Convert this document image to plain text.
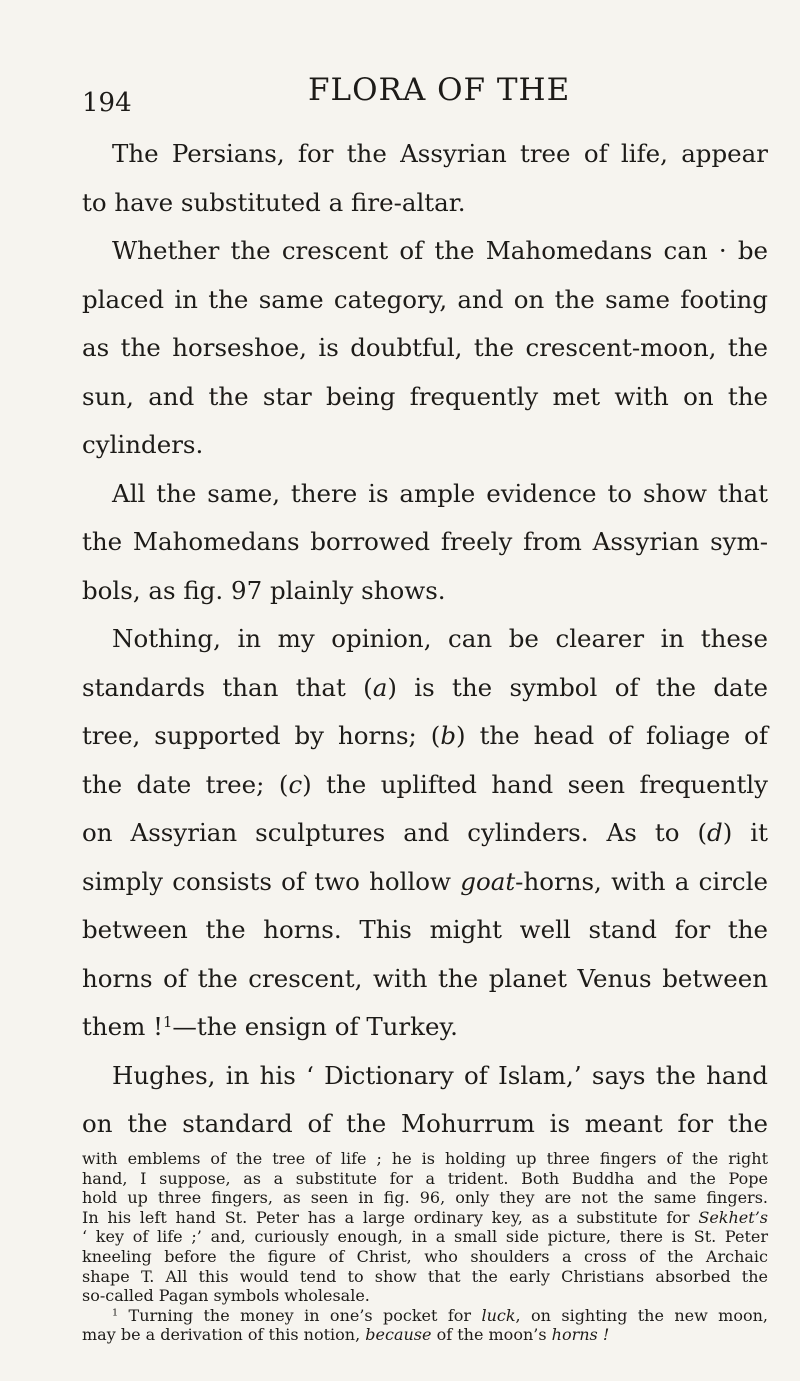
194	FLORA OF THE
The Persians, for the Assyrian tree of life, appear
to have substituted a fire-altar.
Whether the crescent of the Mahomedans can · be
placed in the same category, and on the same footing
as the horseshoe, is doubtful, the crescent-moon, the
sun, and the star being frequently met with on the
cylinders.
All the same, there is ample evidence to show that
the Mahomedans borrowed freely from Assyrian sym-
bols, as fig. 97 plainly shows.
Nothing, in my opinion, can be clearer in these
standards than that (a) is the symbol of the date
tree, supported by horns; (b) the head of foliage of
the date tree; (c) the uplifted hand seen frequently
on Assyrian sculptures and cylinders. As to (d) it
simply consists of two hollow goat-horns, with a circle
between the horns. This might well stand for the
horns of the crescent, with the planet Venus between
them !$^1$—the ensign of Turkey.
Hughes, in his ‘ Dictionary of Islam,’ says the hand
on the standard of the Mohurrum is meant for the
with emblems of the tree of life ; he is holding up three fingers of the right
hand, I suppose, as a substitute for a trident. Both Buddha and the Pope
hold up three fingers, as seen in fig. 96, only they are not the same fingers.
In his left hand St. Peter has a large ordinary key, as a substitute for Sekhet’s
‘ key of life ;’ and, curiously enough, in a small side picture, there is St. Peter
kneeling before the figure of Christ, who shoulders a cross of the Archaic
shape T. All this would tend to show that the early Christians absorbed the
so-called Pagan symbols wholesale.
$^1$ Turning the money in one’s pocket for luck, on sighting the new moon,
may be a derivation of this notion, because of the moon’s horns !
